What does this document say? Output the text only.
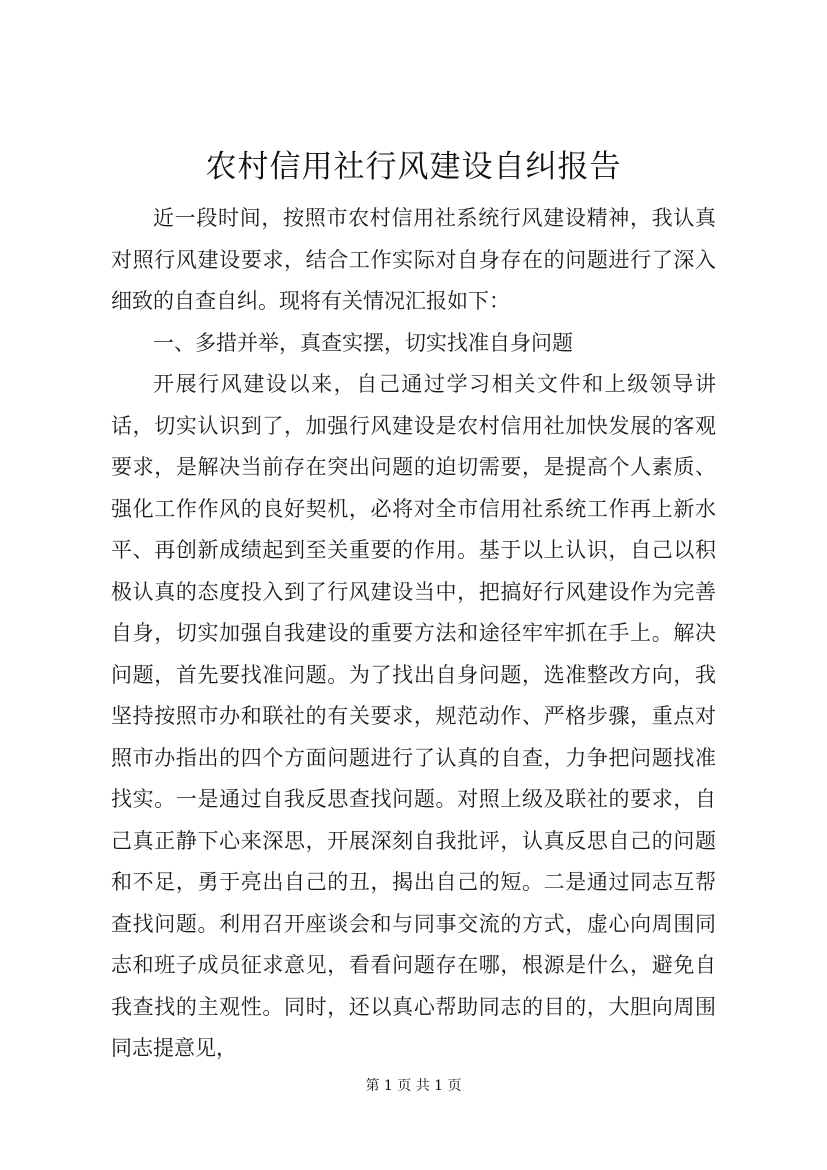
农村信用社行风建设自纠报告

近一段时间，按照市农村信用社系统行风建设精神，我认真对照行风建设要求，结合工作实际对自身存在的问题进行了深入细致的自查自纠。现将有关情况汇报如下：

一、多措并举，真查实摆，切实找准自身问题

开展行风建设以来，自己通过学习相关文件和上级领导讲话，切实认识到了，加强行风建设是农村信用社加快发展的客观要求，是解决当前存在突出问题的迫切需要，是提高个人素质、强化工作作风的良好契机，必将对全市信用社系统工作再上新水平、再创新成绩起到至关重要的作用。基于以上认识，自己以积极认真的态度投入到了行风建设当中，把搞好行风建设作为完善自身，切实加强自我建设的重要方法和途径牢牢抓在手上。解决问题，首先要找准问题。为了找出自身问题，选准整改方向，我坚持按照市办和联社的有关要求，规范动作、严格步骤，重点对照市办指出的四个方面问题进行了认真的自查，力争把问题找准找实。一是通过自我反思查找问题。对照上级及联社的要求，自己真正静下心来深思，开展深刻自我批评，认真反思自己的问题和不足，勇于亮出自己的丑，揭出自己的短。二是通过同志互帮查找问题。利用召开座谈会和与同事交流的方式，虚心向周围同志和班子成员征求意见，看看问题存在哪，根源是什么，避免自我查找的主观性。同时，还以真心帮助同志的目的，大胆向周围同志提意见，

第 1 页 共 1 页
